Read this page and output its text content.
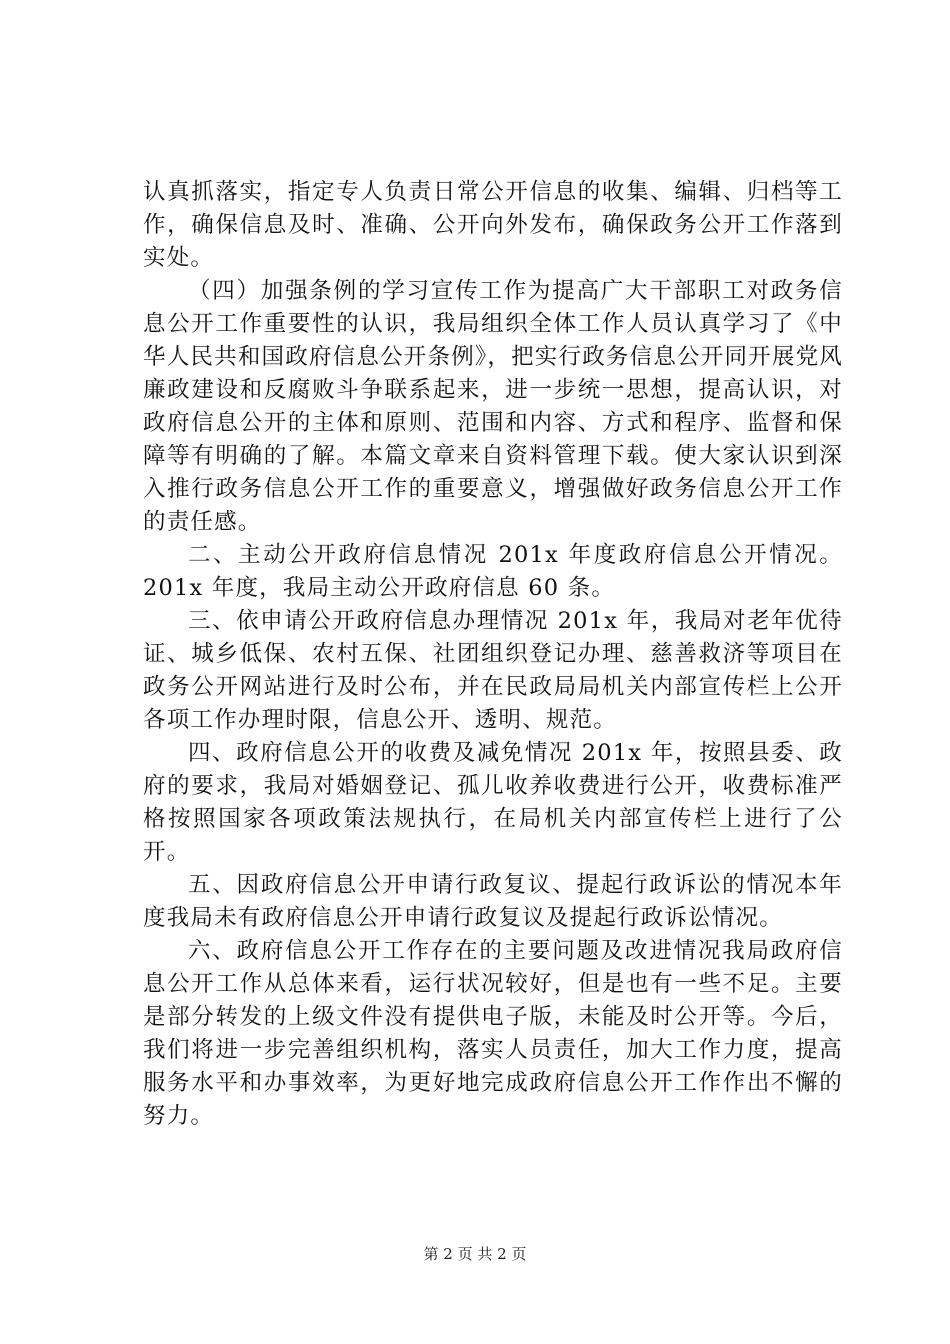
认真抓落实，指定专人负责日常公开信息的收集、编辑、归档等工作，确保信息及时、准确、公开向外发布，确保政务公开工作落到实处。

（四）加强条例的学习宣传工作为提高广大干部职工对政务信息公开工作重要性的认识，我局组织全体工作人员认真学习了《中华人民共和国政府信息公开条例》，把实行政务信息公开同开展党风廉政建设和反腐败斗争联系起来，进一步统一思想，提高认识，对政府信息公开的主体和原则、范围和内容、方式和程序、监督和保障等有明确的了解。本篇文章来自资料管理下载。使大家认识到深入推行政务信息公开工作的重要意义，增强做好政务信息公开工作的责任感。

二、主动公开政府信息情况 201x 年度政府信息公开情况。201x 年度，我局主动公开政府信息 60 条。

三、依申请公开政府信息办理情况 201x 年，我局对老年优待证、城乡低保、农村五保、社团组织登记办理、慈善救济等项目在政务公开网站进行及时公布，并在民政局局机关内部宣传栏上公开各项工作办理时限，信息公开、透明、规范。

四、政府信息公开的收费及减免情况 201x 年，按照县委、政府的要求，我局对婚姻登记、孤儿收养收费进行公开，收费标准严格按照国家各项政策法规执行，在局机关内部宣传栏上进行了公开。

五、因政府信息公开申请行政复议、提起行政诉讼的情况本年度我局未有政府信息公开申请行政复议及提起行政诉讼情况。

六、政府信息公开工作存在的主要问题及改进情况我局政府信息公开工作从总体来看，运行状况较好，但是也有一些不足。主要是部分转发的上级文件没有提供电子版，未能及时公开等。今后，我们将进一步完善组织机构，落实人员责任，加大工作力度，提高服务水平和办事效率，为更好地完成政府信息公开工作作出不懈的努力。

第 2 页 共 2 页
